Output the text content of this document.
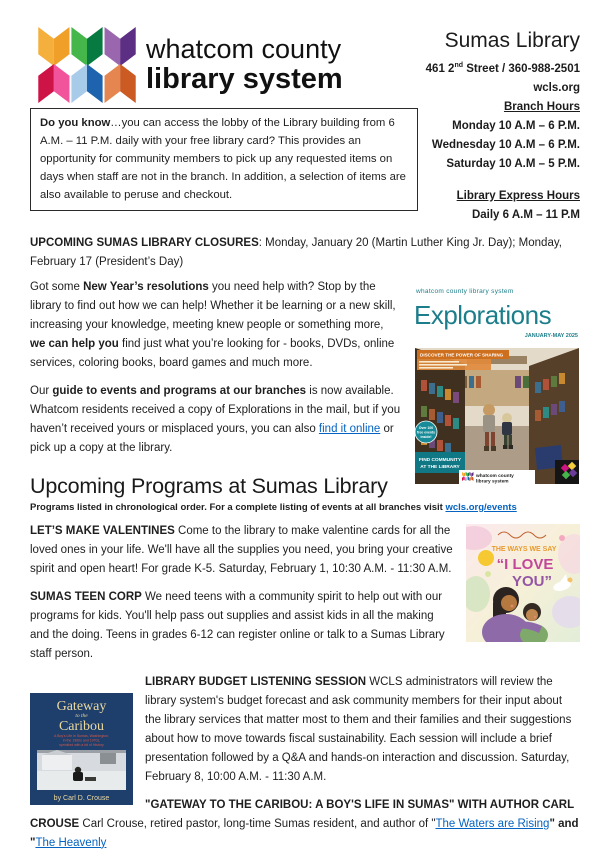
whatcom county
library system
Do you know…you can access the lobby of the Library building from 6 A.M. – 11 P.M. daily with your free library card? This provides an opportunity for community members to pick up any requested items on days when staff are not in the branch. In addition, a selection of items are also available to peruse and checkout.
Sumas Library
461 2nd Street / 360-988-2501
wcls.org
Branch Hours
Monday 10 A.M – 6 P.M.
Wednesday 10 A.M – 6 P.M.
Saturday 10 A.M – 5 P.M.
Library Express Hours
Daily 6 A.M – 11 P.M

UPCOMING SUMAS LIBRARY CLOSURES: Monday, January 20 (Martin Luther King Jr. Day); Monday, February 17 (President’s Day)

whatcom county library system
Explorations
JANUARY-MAY 2025
DISCOVER THE POWER OF SHARING
Over 100
free events
inside!
FIND COMMUNITY
AT THE LIBRARY
whatcom county
library system
Got some New Year’s resolutions you need help with? Stop by the library to find out how we can help! Whether it be learning or a new skill, increasing your knowledge, meeting knew people or something more, we can help you find just what you’re looking for - books, DVDs, online services, coloring books, board games and much more.

Our guide to events and programs at our branches is now available. Whatcom residents received a copy of Explorations in the mail, but if you haven’t received yours or misplaced yours, you can also find it online or pick up a copy at the library.

Upcoming Programs at Sumas Library

Programs listed in chronological order. For a complete listing of events at all branches visit wcls.org/events

THE WAYS WE SAY
“I LOVE
YOU”
LET’S MAKE VALENTINES Come to the library to make valentine cards for all the loved ones in your life. We'll have all the supplies you need, you bring your creative spirit and open heart! For grade K-5. Saturday, February 1, 10:30 A.M. - 11:30 A.M.

SUMAS TEEN CORP We need teens with a community spirit to help out with our programs for kids. You'll help pass out supplies and assist kids in all the making and the doing. Teens in grades 6-12 can register online or talk to a Sumas Library staff person.

Gateway
to the
Caribou
A Boy's Life in Sumas, Washington,
in the 1960s and 1970s,
sprinkled with a bit of History
by Carl D. Crouse
LIBRARY BUDGET LISTENING SESSION WCLS administrators will review the library system's budget forecast and ask community members for their input about the library services that matter most to them and their families and their suggestions about how to move towards fiscal sustainability. Each session will include a brief presentation followed by a Q&A and hands-on interaction and discussion. Saturday, February 8, 10:00 A.M. - 11:30 A.M.

"GATEWAY TO THE CARIBOU: A BOY'S LIFE IN SUMAS" WITH AUTHOR CARL CROUSE Carl Crouse, retired pastor, long-time Sumas resident, and author of "The Waters are Rising" and "The Heavenly
